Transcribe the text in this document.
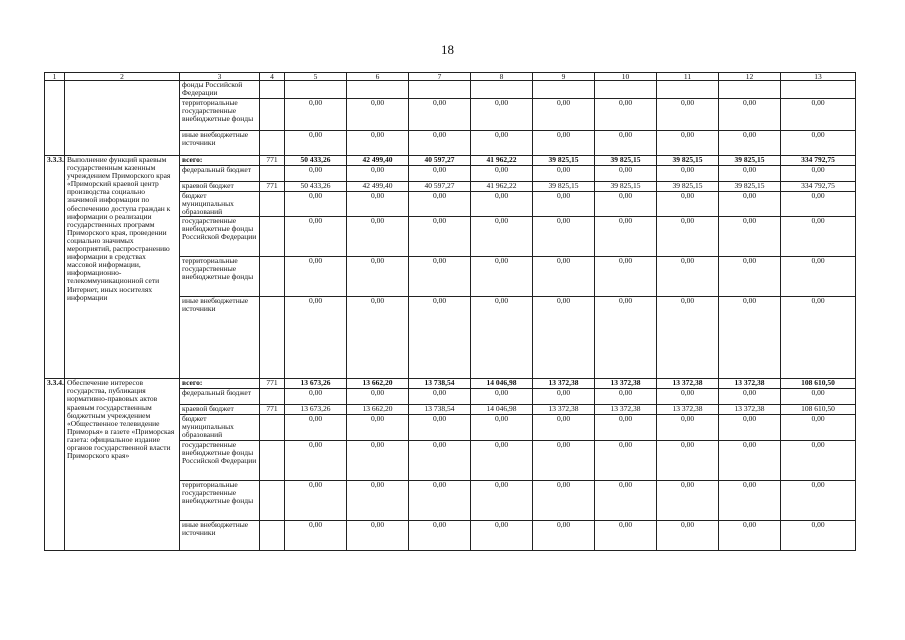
18
1	2	3	4	5	6	7	8	9	10	11	12	13
		фонды Российской Федерации										
		территориальные государственные внебюджетные фонды		0,00	0,00	0,00	0,00	0,00	0,00	0,00	0,00	0,00
		иные внебюджетные источники		0,00	0,00	0,00	0,00	0,00	0,00	0,00	0,00	0,00
3.3.3.	Выполнение функций краевым государственным казенным учреждением Приморского края «Приморский краевой центр производства социально значимой информации по обеспечению доступа граждан к информации о реализации государственных программ Приморского края, проведении социально значимых мероприятий, распространению информации в средствах массовой информации, информационно-телекоммуникационной сети Интернет, иных носителях информации	всего:	771	50 433,26	42 499,40	40 597,27	41 962,22	39 825,15	39 825,15	39 825,15	39 825,15	334 792,75
		федеральный бюджет		0,00	0,00	0,00	0,00	0,00	0,00	0,00	0,00	0,00
		краевой бюджет	771	50 433,26	42 499,40	40 597,27	41 962,22	39 825,15	39 825,15	39 825,15	39 825,15	334 792,75
		бюджет муниципальных образований		0,00	0,00	0,00	0,00	0,00	0,00	0,00	0,00	0,00
		государственные внебюджетные фонды Российской Федерации		0,00	0,00	0,00	0,00	0,00	0,00	0,00	0,00	0,00
		территориальные государственные внебюджетные фонды		0,00	0,00	0,00	0,00	0,00	0,00	0,00	0,00	0,00
		иные внебюджетные источники		0,00	0,00	0,00	0,00	0,00	0,00	0,00	0,00	0,00
3.3.4.	Обеспечение интересов государства, публикация нормативно-правовых актов краевым государственным бюджетным учреждением «Общественное телевидение Приморья» в газете «Приморская газета: официальное издание органов государственной власти Приморского края»	всего:	771	13 673,26	13 662,20	13 738,54	14 046,98	13 372,38	13 372,38	13 372,38	13 372,38	108 610,50
		федеральный бюджет		0,00	0,00	0,00	0,00	0,00	0,00	0,00	0,00	0,00
		краевой бюджет	771	13 673,26	13 662,20	13 738,54	14 046,98	13 372,38	13 372,38	13 372,38	13 372,38	108 610,50
		бюджет муниципальных образований		0,00	0,00	0,00	0,00	0,00	0,00	0,00	0,00	0,00
		государственные внебюджетные фонды Российской Федерации		0,00	0,00	0,00	0,00	0,00	0,00	0,00	0,00	0,00
		территориальные государственные внебюджетные фонды		0,00	0,00	0,00	0,00	0,00	0,00	0,00	0,00	0,00
		иные внебюджетные источники		0,00	0,00	0,00	0,00	0,00	0,00	0,00	0,00	0,00
